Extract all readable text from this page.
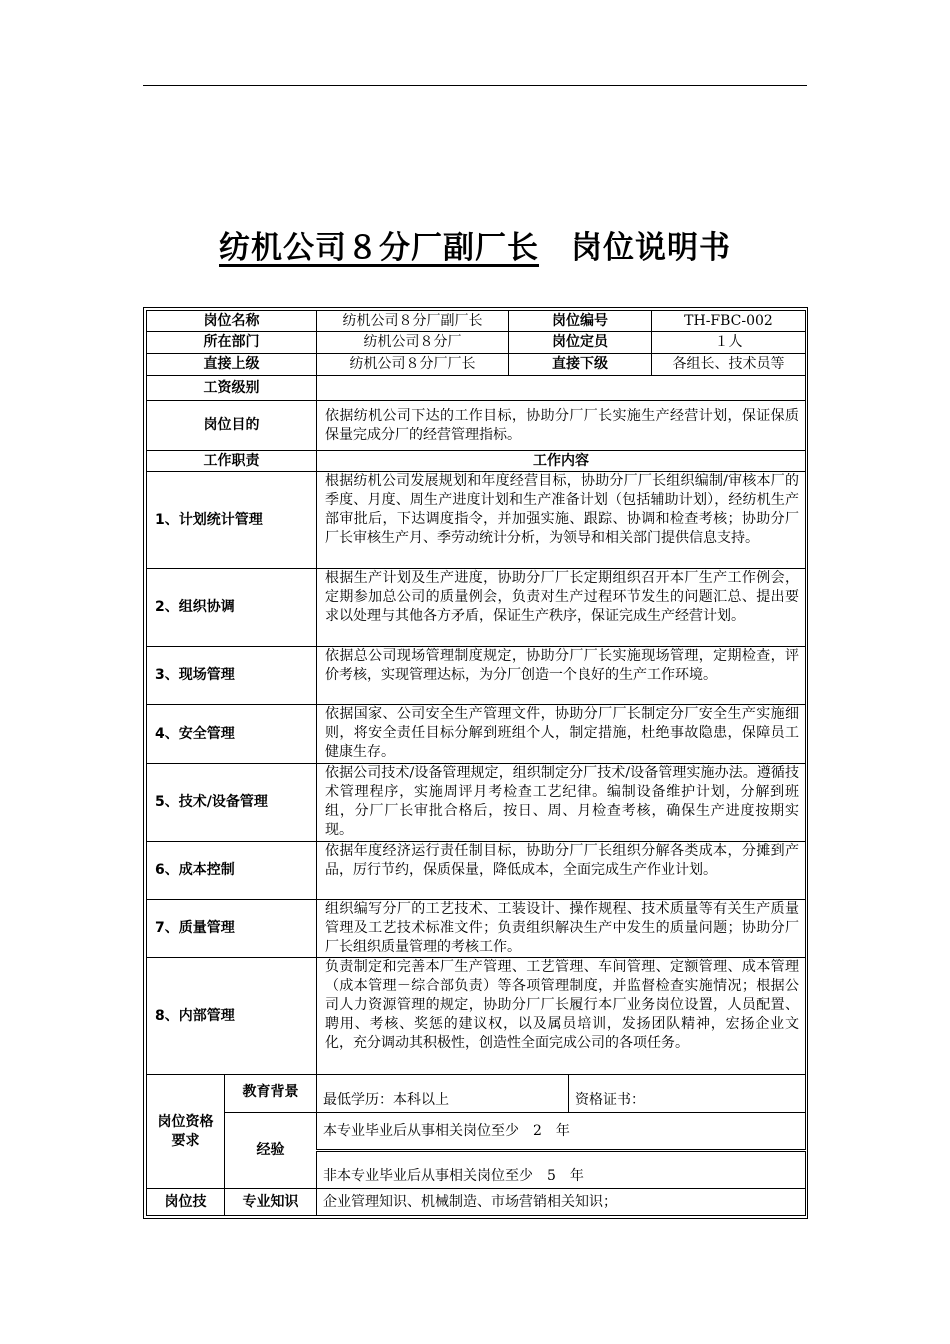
纺机公司８分厂副厂长　 岗位说明书
岗位名称		纺机公司８分厂副厂长	岗位编号		TH-FBC-002
所在部门		纺机公司８分厂	岗位定员		１人
直接上级		纺机公司８分厂厂长	直接下级		各组长、技术员等
工资级别					
岗位目的		依据纺机公司下达的工作目标，协助分厂厂长实施生产经营计划，保证保质保量完成分厂的经营管理指标。			
工作职责		工作内容			
1、计划统计管理		根据纺机公司发展规划和年度经营目标，协助分厂厂长组织编制/审核本厂的季度、月度、周生产进度计划和生产准备计划（包括辅助计划），经纺机生产部审批后，下达调度指令，并加强实施、跟踪、协调和检查考核；协助分厂厂长审核生产月、季劳动统计分析，为领导和相关部门提供信息支持。			
2、组织协调		根据生产计划及生产进度，协助分厂厂长定期组织召开本厂生产工作例会，定期参加总公司的质量例会，负责对生产过程环节发生的问题汇总、提出要求以处理与其他各方矛盾，保证生产秩序，保证完成生产经营计划。			
3、现场管理		依据总公司现场管理制度规定，协助分厂厂长实施现场管理，定期检查，评价考核，实现管理达标，为分厂创造一个良好的生产工作环境。			
4、安全管理		依据国家、公司安全生产管理文件，协助分厂厂长制定分厂安全生产实施细则，将安全责任目标分解到班组个人，制定措施，杜绝事故隐患，保障员工健康生存。			
5、技术/设备管理		依据公司技术/设备管理规定，组织制定分厂技术/设备管理实施办法。遵循技术管理程序，实施周评月考检查工艺纪律。编制设备维护计划，分解到班组，分厂厂长审批合格后，按日、周、月检查考核，确保生产进度按期实现。			
6、成本控制		依据年度经济运行责任制目标，协助分厂厂长组织分解各类成本，分摊到产品，厉行节约，保质保量，降低成本，全面完成生产作业计划。			
7、质量管理		组织编写分厂的工艺技术、工装设计、操作规程、技术质量等有关生产质量管理及工艺技术标准文件；负责组织解决生产中发生的质量问题；协助分厂厂长组织质量管理的考核工作。			
8、内部管理		负责制定和完善本厂生产管理、工艺管理、车间管理、定额管理、成本管理（成本管理－综合部负责）等各项管理制度，并监督检查实施情况；根据公司人力资源管理的规定，协助分厂厂长履行本厂业务岗位设置，人员配置、聘用、考核、奖惩的建议权，以及属员培训，发扬团队精神，宏扬企业文化，充分调动其积极性，创造性全面完成公司的各项任务。			
岗位资格要求	教育背景	最低学历：本科以上		资格证书：	
	经验	本专业毕业后从事相关岗位至少　2　年			
		非本专业毕业后从事相关岗位至少　5　年			
岗位技	专业知识	企业管理知识、机械制造、市场营销相关知识；			
